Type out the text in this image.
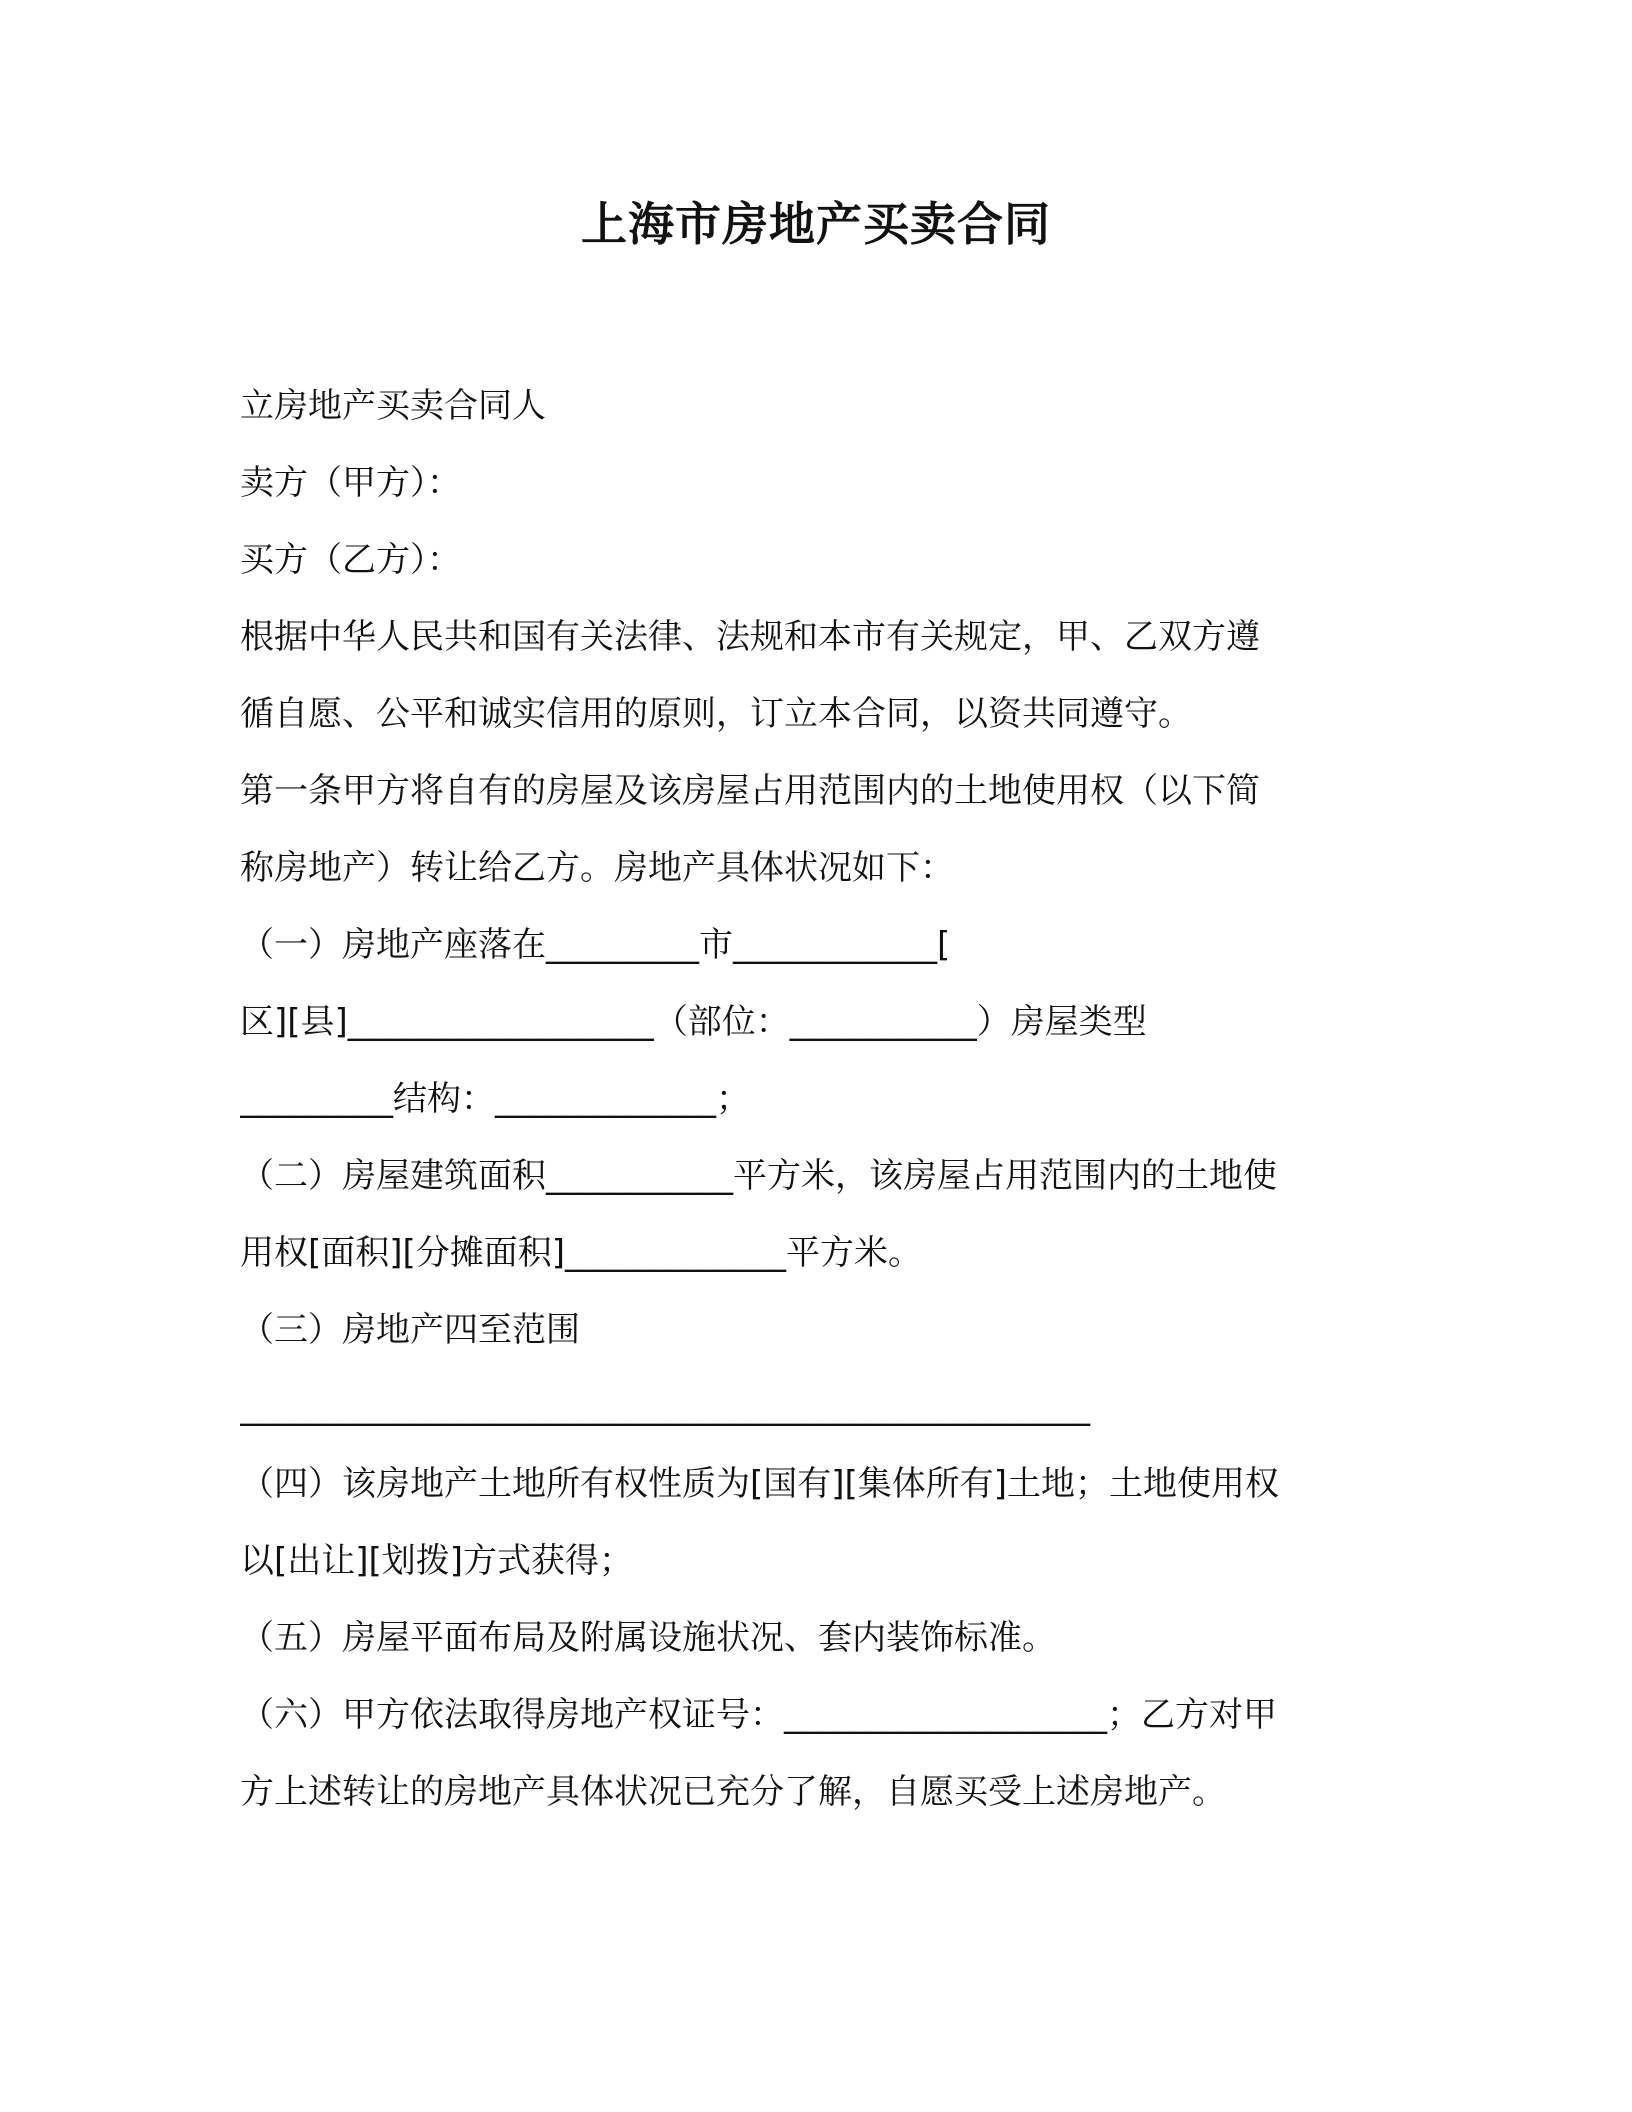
上海市房地产买卖合同

立房地产买卖合同人

卖方（甲方）：

买方（乙方）：

根据中华人民共和国有关法律、法规和本市有关规定，甲、乙双方遵

循自愿、公平和诚实信用的原则，订立本合同，以资共同遵守。

第一条甲方将自有的房屋及该房屋占用范围内的土地使用权（以下简

称房地产）转让给乙方。房地产具体状况如下：

（一）房地产座落在_________市____________[

区][县]__________________（部位：___________）房屋类型

_________结构：_____________；

（二）房屋建筑面积___________平方米，该房屋占用范围内的土地使

用权[面积][分摊面积]_____________平方米。

（三）房地产四至范围

__________________________________________________

（四）该房地产土地所有权性质为[国有][集体所有]土地；土地使用权

以[出让][划拨]方式获得；

（五）房屋平面布局及附属设施状况、套内装饰标准。

（六）甲方依法取得房地产权证号：___________________；乙方对甲

方上述转让的房地产具体状况已充分了解，自愿买受上述房地产。
